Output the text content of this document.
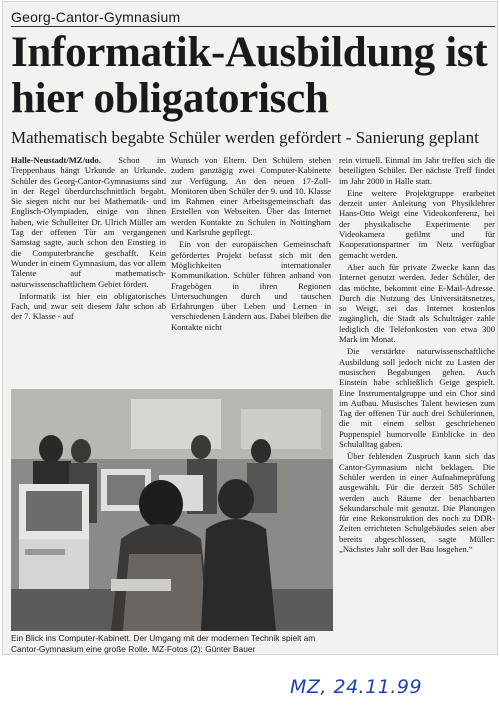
Georg-Cantor-Gymnasium
Informatik-Ausbildung ist hier obligatorisch
Mathematisch begabte Schüler werden gefördert - Sanierung geplant

Halle-Neustadt/MZ/udo. Schon im Treppenhaus hängt Urkunde an Urkunde. Schüler des Georg-Cantor-Gymnasiums sind in der Regel überdurchschnittlich begabt. Sie siegen nicht nur bei Mathematik- und Englisch-Olympiaden, einige von ihnen haben, wie Schulleiter Dr. Ulrich Müller am Tag der offenen Tür am vergangenen Samstag sagte, auch schon den Einstieg in die Computerbranche geschafft. Kein Wunder in einem Gymnasium, das vor allem Talente auf mathematisch-naturwissenschaftlichem Gebiet fördert.

Informatik ist hier ein obligatorisches Fach, und zwar seit diesem Jahr schon ab der 7. Klasse - auf

Wunsch von Eltern. Den Schülern stehen zudem ganztägig zwei Computer-Kabinette zur Verfügung. An den neuen 17-Zoll-Monitoren üben Schüler der 9. und 10. Klasse im Rahmen einer Arbeitsgemeinschaft das Erstellen von Webseiten. Über das Internet werden Kontakte zu Schulen in Nottingham und Karlsruhe gepflegt.

Ein von der europäischen Gemeinschaft gefördertes Projekt befasst sich mit den Möglichkeiten internationaler Kommunikation. Schüler führen anhand von Fragebögen in ihren Regionen Untersuchungen durch und tauschen Erfahrungen über Leben und Lernen in verschiedenen Ländern aus. Dabei bleiben die Kontakte nicht

rein virtuell. Einmal im Jahr treffen sich die beteiligten Schüler. Der nächste Treff findet im Jahr 2000 in Halle statt.

Eine weitere Projektgruppe erarbeitet derzeit unter Anleitung von Physiklehrer Hans-Otto Weigt eine Videokonferenz, bei der physikalische Experimente per Videokamera gefilmt und für Kooperationspartner im Netz verfügbar gemacht werden.

Aber auch für private Zwecke kann das Internet genutzt werden. Jeder Schüler, der das möchte, bekommt eine E-Mail-Adresse. Durch die Nutzung des Universitätsnetzes, so Weigt, sei das Internet kostenlos zugänglich, die Stadt als Schulträger zahle lediglich die Telefonkosten von etwa 300 Mark im Monat.

Die verstärkte naturwissenschaftliche Ausbildung soll jedoch nicht zu Lasten der musischen Begabungen gehen. Auch Einstein habe schließlich Geige gespielt. Eine Instrumentalgruppe und ein Chor sind im Aufbau. Musisches Talent bewiesen zum Tag der offenen Tür auch drei Schülerinnen, die mit einem selbst geschriebenen Puppenspiel humorvolle Einblicke in den Schulalltag gaben.

Über fehlenden Zuspruch kann sich das Cantor-Gymnasium nicht beklagen. Die Schüler werden in einer Aufnahmeprüfung ausgewählt. Für die derzeit 585 Schüler werden auch Räume der benachbarten Sekundarschule mit genutzt. Die Planungen für eine Rekonstruktion des noch zu DDR-Zeiten errichteten Schulgebäudes seien aber bereits abgeschlossen, sagte Müller: „Nächstes Jahr soll der Bau losgehen.“

Ein Blick ins Computer-Kabinett. Der Umgang mit der modernen Technik spielt am Cantor-Gymnasium eine große Rolle. MZ-Fotos (2): Günter Bauer
MZ, 24.11.99
